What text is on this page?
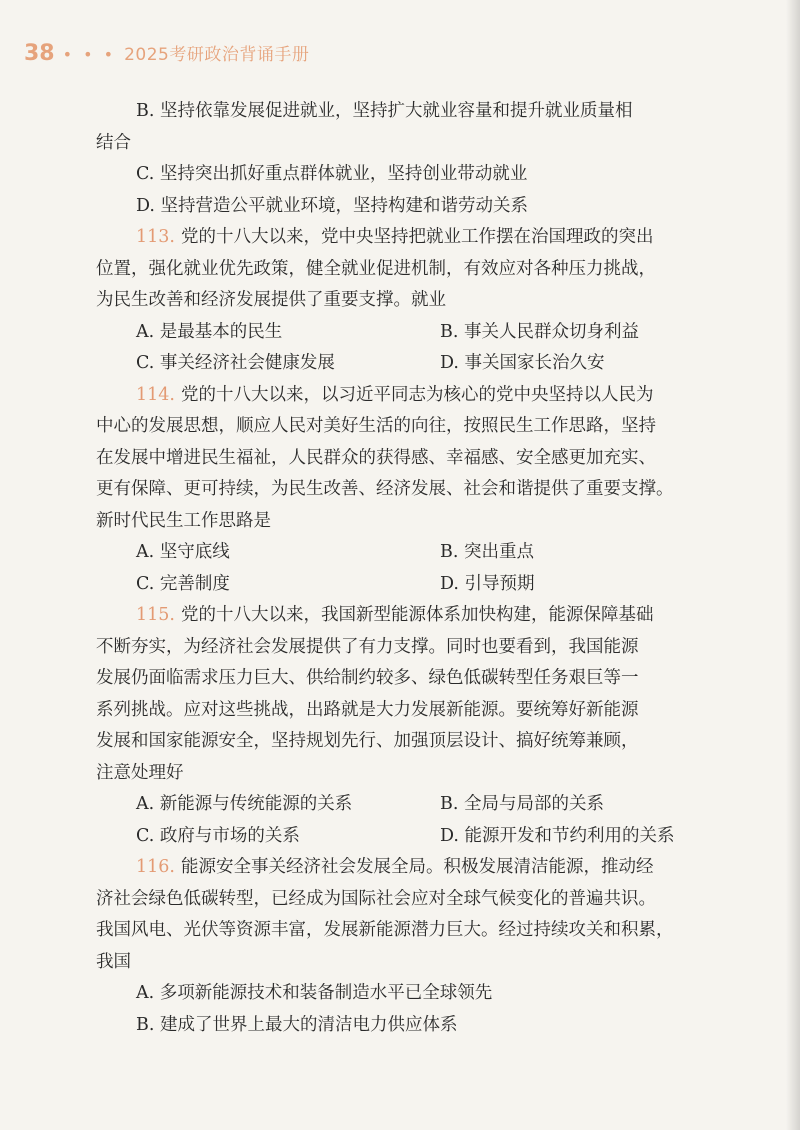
38 • • • 2025考研政治背诵手册
B. 坚持依靠发展促进就业，坚持扩大就业容量和提升就业质量相
结合
C. 坚持突出抓好重点群体就业，坚持创业带动就业
D. 坚持营造公平就业环境，坚持构建和谐劳动关系
113. 党的十八大以来，党中央坚持把就业工作摆在治国理政的突出
位置，强化就业优先政策，健全就业促进机制，有效应对各种压力挑战，
为民生改善和经济发展提供了重要支撑。就业
A. 是最基本的民生	B. 事关人民群众切身利益
C. 事关经济社会健康发展	D. 事关国家长治久安
114. 党的十八大以来，以习近平同志为核心的党中央坚持以人民为
中心的发展思想，顺应人民对美好生活的向往，按照民生工作思路，坚持
在发展中增进民生福祉，人民群众的获得感、幸福感、安全感更加充实、
更有保障、更可持续，为民生改善、经济发展、社会和谐提供了重要支撑。
新时代民生工作思路是
A. 坚守底线	B. 突出重点
C. 完善制度	D. 引导预期
115. 党的十八大以来，我国新型能源体系加快构建，能源保障基础
不断夯实，为经济社会发展提供了有力支撑。同时也要看到，我国能源
发展仍面临需求压力巨大、供给制约较多、绿色低碳转型任务艰巨等一
系列挑战。应对这些挑战，出路就是大力发展新能源。要统筹好新能源
发展和国家能源安全，坚持规划先行、加强顶层设计、搞好统筹兼顾，
注意处理好
A. 新能源与传统能源的关系	B. 全局与局部的关系
C. 政府与市场的关系	D. 能源开发和节约利用的关系
116. 能源安全事关经济社会发展全局。积极发展清洁能源，推动经
济社会绿色低碳转型，已经成为国际社会应对全球气候变化的普遍共识。
我国风电、光伏等资源丰富，发展新能源潜力巨大。经过持续攻关和积累，
我国
A. 多项新能源技术和装备制造水平已全球领先
B. 建成了世界上最大的清洁电力供应体系
